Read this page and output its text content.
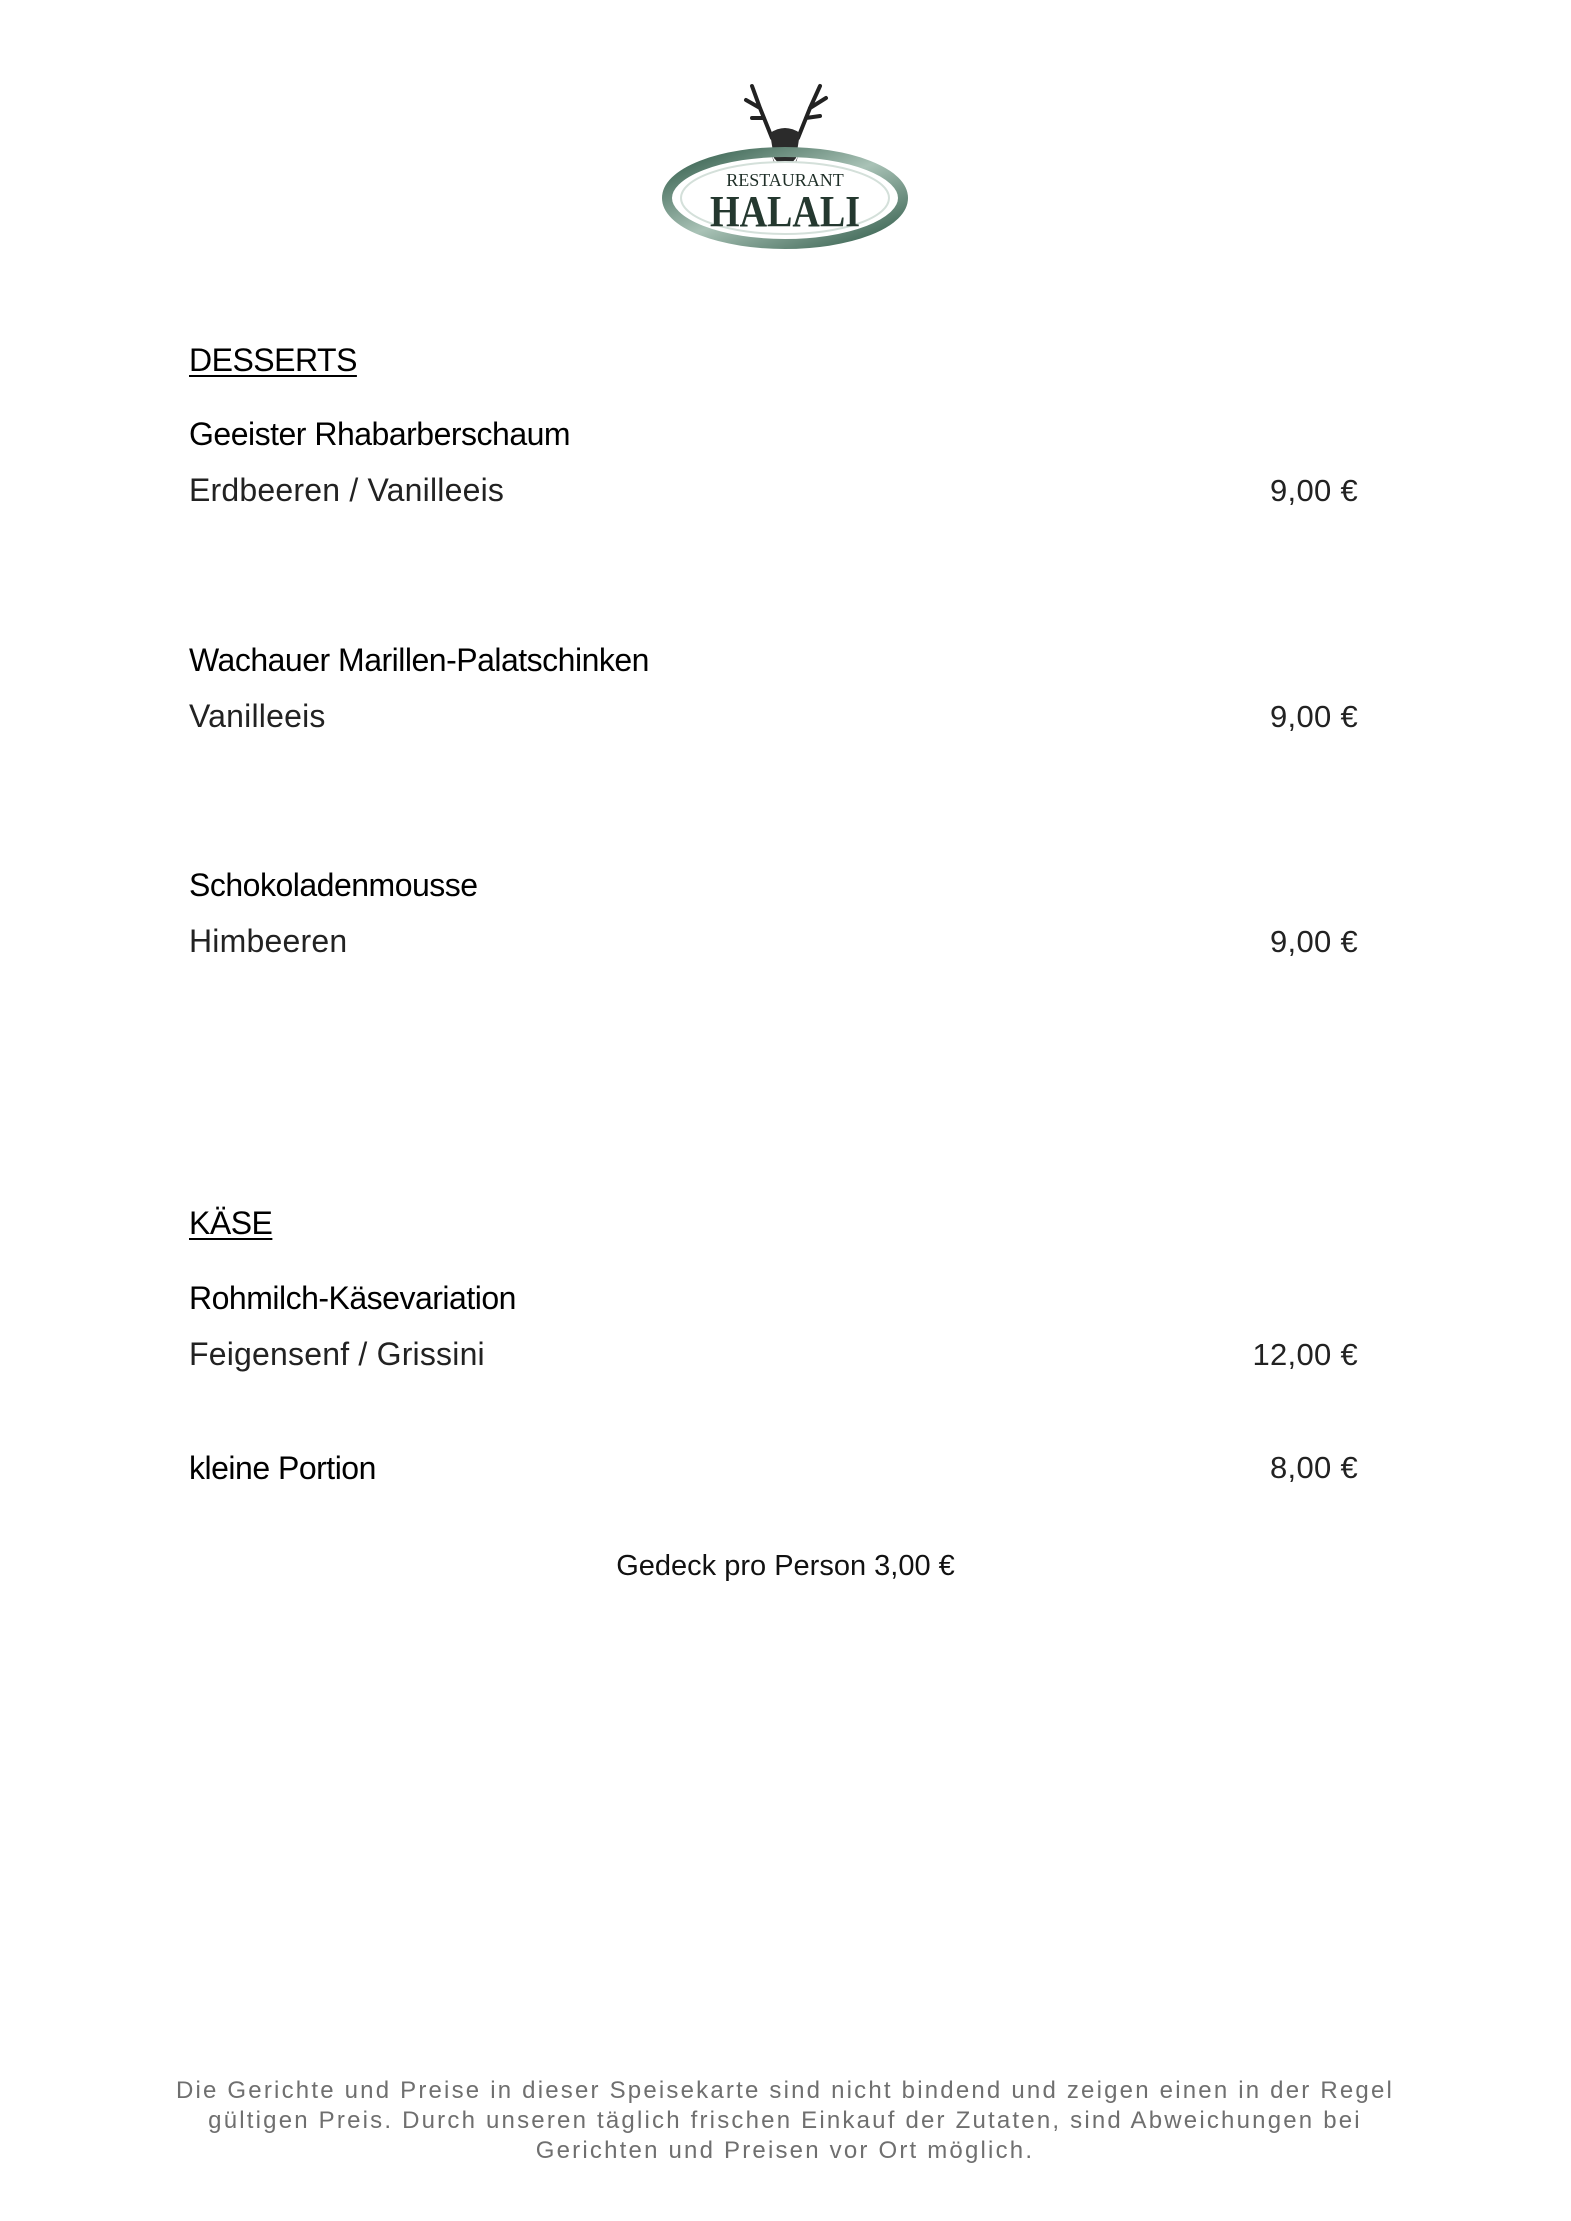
RESTAURANT
HALALI
DESSERTS
Geeister Rhabarberschaum
Erdbeeren / Vanilleeis	9,00 €
Wachauer Marillen-Palatschinken
Vanilleeis	9,00 €
Schokoladenmousse
Himbeeren	9,00 €
KÄSE
Rohmilch-Käsevariation
Feigensenf / Grissini	12,00 €
kleine Portion	8,00 €
Gedeck pro Person 3,00 €
Die Gerichte und Preise in dieser Speisekarte sind nicht bindend und zeigen einen in der Regel gültigen Preis. Durch unseren täglich frischen Einkauf der Zutaten, sind Abweichungen bei Gerichten und Preisen vor Ort möglich.
